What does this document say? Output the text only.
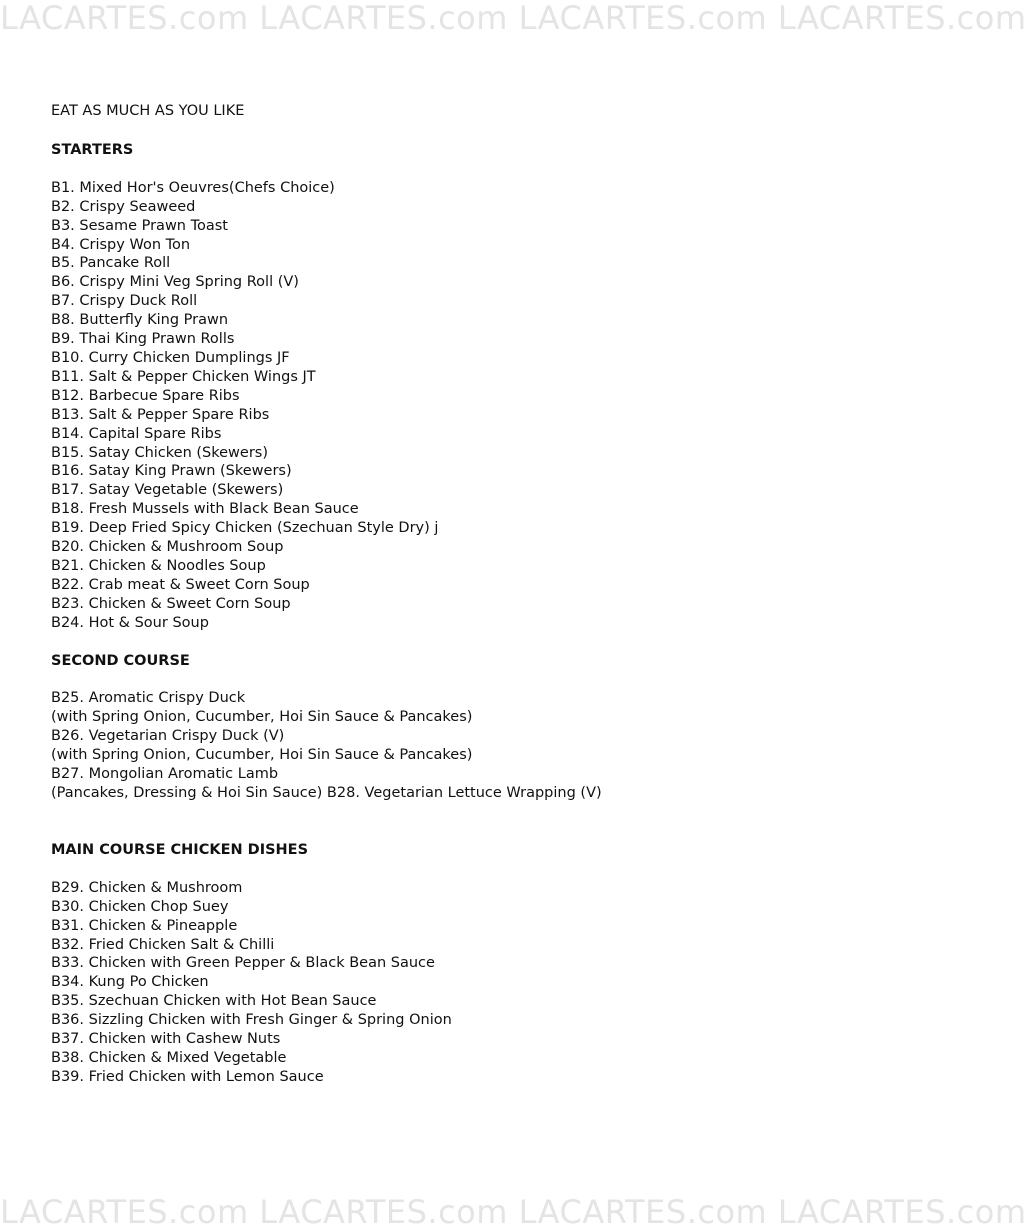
LACARTES.com LACARTES.com LACARTES.com LACARTES.com
EAT AS MUCH AS YOU LIKE
STARTERS
B1. Mixed Hor's Oeuvres(Chefs Choice)
B2. Crispy Seaweed
B3. Sesame Prawn Toast
B4. Crispy Won Ton
B5. Pancake Roll
B6. Crispy Mini Veg Spring Roll (V)
B7. Crispy Duck Roll
B8. Butterfly King Prawn
B9. Thai King Prawn Rolls
B10. Curry Chicken Dumplings JF
B11. Salt & Pepper Chicken Wings JT
B12. Barbecue Spare Ribs
B13. Salt & Pepper Spare Ribs
B14. Capital Spare Ribs
B15. Satay Chicken (Skewers)
B16. Satay King Prawn (Skewers)
B17. Satay Vegetable (Skewers)
B18. Fresh Mussels with Black Bean Sauce
B19. Deep Fried Spicy Chicken (Szechuan Style Dry) j
B20. Chicken & Mushroom Soup
B21. Chicken & Noodles Soup
B22. Crab meat & Sweet Corn Soup
B23. Chicken & Sweet Corn Soup
B24. Hot & Sour Soup
SECOND COURSE
B25. Aromatic Crispy Duck
(with Spring Onion, Cucumber, Hoi Sin Sauce & Pancakes)
B26. Vegetarian Crispy Duck (V)
(with Spring Onion, Cucumber, Hoi Sin Sauce & Pancakes)
B27. Mongolian Aromatic Lamb
(Pancakes, Dressing & Hoi Sin Sauce) B28. Vegetarian Lettuce Wrapping (V)
MAIN COURSE CHICKEN DISHES
B29. Chicken & Mushroom
B30. Chicken Chop Suey
B31. Chicken & Pineapple
B32. Fried Chicken Salt & Chilli
B33. Chicken with Green Pepper & Black Bean Sauce
B34. Kung Po Chicken
B35. Szechuan Chicken with Hot Bean Sauce
B36. Sizzling Chicken with Fresh Ginger & Spring Onion
B37. Chicken with Cashew Nuts
B38. Chicken & Mixed Vegetable
B39. Fried Chicken with Lemon Sauce
LACARTES.com LACARTES.com LACARTES.com LACARTES.com
